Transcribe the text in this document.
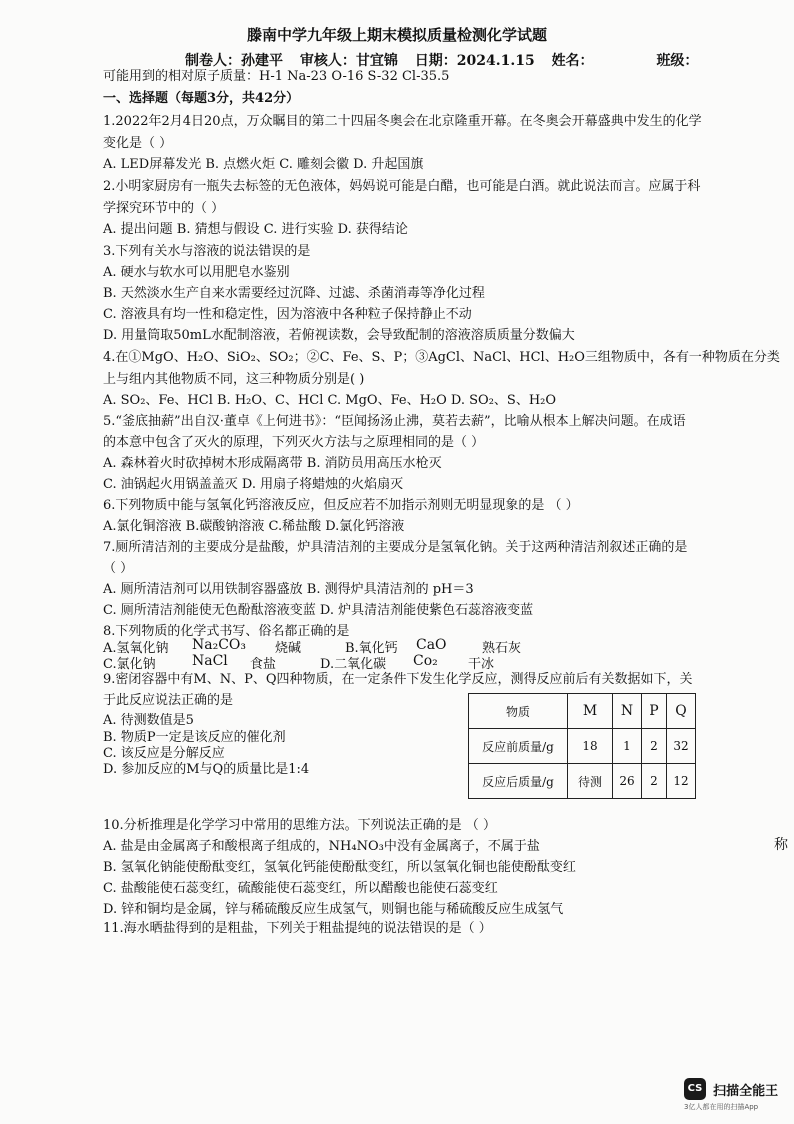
滕南中学九年级上期末模拟质量检测化学试题
制卷人：孙建平 审核人：甘宜锦 日期：2024.1.15 姓名：	班级：
可能用到的相对原子质量：H-1 Na-23 O-16 S-32 Cl-35.5
一、选择题（每题3分，共42分）
1.2022年2月4日20点，万众瞩目的第二十四届冬奥会在北京隆重开幕。在冬奥会开幕盛典中发生的化学
变化是（ ）
A. LED屏幕发光 B. 点燃火炬 C. 雕刻会徽 D. 升起国旗
2.小明家厨房有一瓶失去标签的无色液体，妈妈说可能是白醋，也可能是白酒。就此说法而言。应属于科
学探究环节中的（ ）
A. 提出问题 B. 猜想与假设 C. 进行实验 D. 获得结论
3.下列有关水与溶液的说法错误的是
A. 硬水与软水可以用肥皂水鉴别
B. 天然淡水生产自来水需要经过沉降、过滤、杀菌消毒等净化过程
C. 溶液具有均一性和稳定性，因为溶液中各种粒子保持静止不动
D. 用量筒取50mL水配制溶液，若俯视读数，会导致配制的溶液溶质质量分数偏大
4.在①MgO、H₂O、SiO₂、SO₂；②C、Fe、S、P；③AgCl、NaCl、HCl、H₂O三组物质中，各有一种物质在分类
上与组内其他物质不同，这三种物质分别是( )
A. SO₂、Fe、HCl B. H₂O、C、HCl C. MgO、Fe、H₂O D. SO₂、S、H₂O
5.“釜底抽薪”出自汉·董卓《上何进书》：“臣闻扬汤止沸，莫若去薪”，比喻从根本上解决问题。在成语
的本意中包含了灭火的原理，下列灭火方法与之原理相同的是（ ）
A. 森林着火时砍掉树木形成隔离带 B. 消防员用高压水枪灭
C. 油锅起火用锅盖盖灭 D. 用扇子将蜡烛的火焰扇灭
6.下列物质中能与氢氧化钙溶液反应，但反应若不加指示剂则无明显现象的是 （ ）
A.氯化铜溶液 B.碳酸钠溶液 C.稀盐酸 D.氯化钙溶液
7.厕所清洁剂的主要成分是盐酸，炉具清洁剂的主要成分是氢氧化钠。关于这两种清洁剂叙述正确的是
（ ）
A. 厕所清洁剂可以用铁制容器盛放 B. 测得炉具清洁剂的 pH＝3
C. 厕所清洁剂能使无色酚酞溶液变蓝 D. 炉具清洁剂能使紫色石蕊溶液变蓝
8.下列物质的化学式书写、俗名都正确的是
A.氢氧化钠 Na₂CO₃ 烧碱	B.氧化钙 CaO	熟石灰
C.氯化钠	NaCl 食盐	D.二氧化碳 Co₂ 干冰
9.密闭容器中有M、N、P、Q四种物质，在一定条件下发生化学反应，测得反应前后有关数据如下，关
于此反应说法正确的是
A. 待测数值是5
B. 物质P一定是该反应的催化剂
C. 该反应是分解反应
D. 参加反应的M与Q的质量比是1:4
物质	M	N	P	Q
反应前质量/g	18	1	2	32
反应后质量/g	待测	26	2	12
10.分析推理是化学学习中常用的思维方法。下列说法正确的是 （ ）
A. 盐是由金属离子和酸根离子组成的，NH₄NO₃中没有金属离子，不属于盐
B. 氢氧化钠能使酚酞变红，氢氧化钙能使酚酞变红，所以氢氧化铜也能使酚酞变红
C. 盐酸能使石蕊变红，硫酸能使石蕊变红，所以醋酸也能使石蕊变红
D. 锌和铜均是金属，锌与稀硫酸反应生成氢气，则铜也能与稀硫酸反应生成氢气
11.海水晒盐得到的是粗盐，下列关于粗盐提纯的说法错误的是（ ）
称
CS 扫描全能王
3亿人都在用的扫描App
